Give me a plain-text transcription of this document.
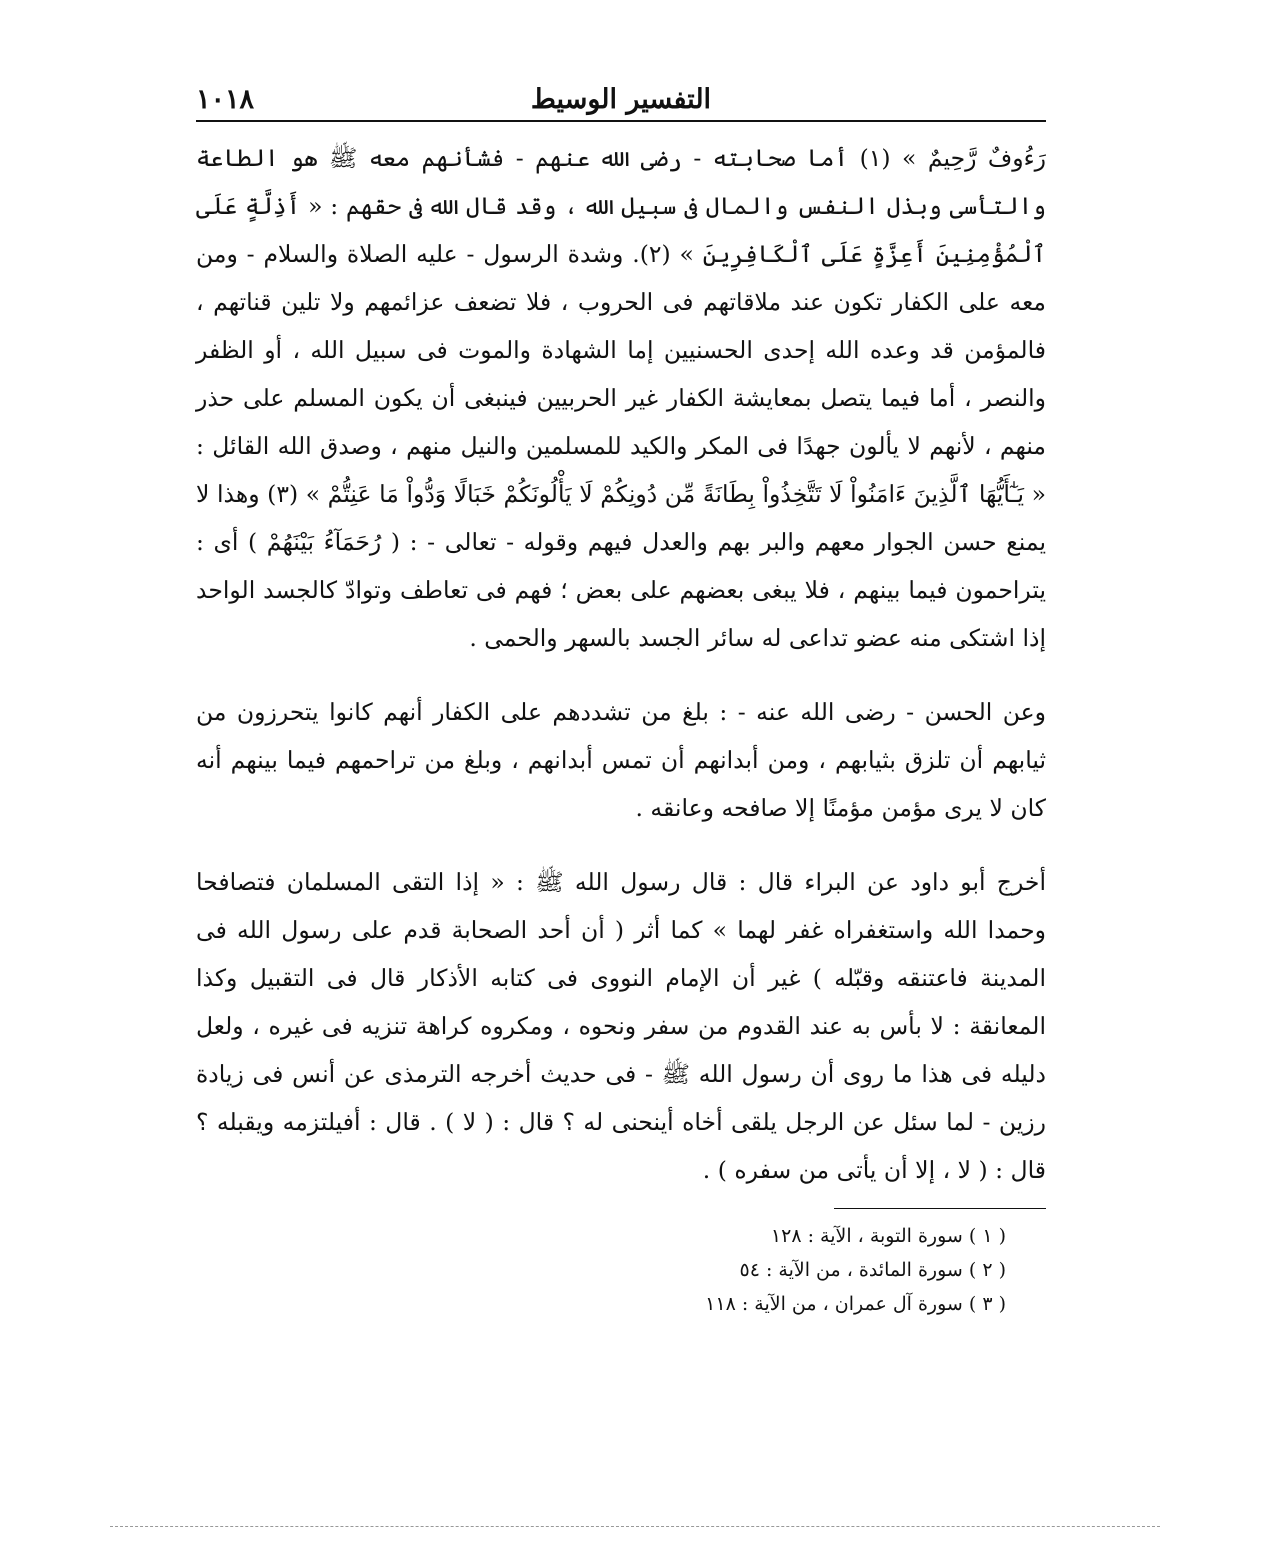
التفسير الوسيط
١٠١٨

رَءُوفٌ رَّحِيمٌ » (١) أما صحابته - رضى الله عنهم - فشأنهم معه ﷺ هو الطاعة والتأسى وبذل النفس والمال فى سبيل الله ، وقد قال الله فى حقهم : « أَذِلَّةٍ عَلَى ٱلْمُؤْمِنِينَ أَعِزَّةٍ عَلَى ٱلْكَافِرِينَ » (٢). وشدة الرسول - عليه الصلاة والسلام - ومن معه على الكفار تكون عند ملاقاتهم فى الحروب ، فلا تضعف عزائمهم ولا تلين قناتهم ، فالمؤمن قد وعده الله إحدى الحسنيين إما الشهادة والموت فى سبيل الله ، أو الظفر والنصر ، أما فيما يتصل بمعايشة الكفار غير الحربيين فينبغى أن يكون المسلم على حذر منهم ، لأنهم لا يألون جهدًا فى المكر والكيد للمسلمين والنيل منهم ، وصدق الله القائل : « يَـٰٓأَيُّهَا ٱلَّذِينَ ءَامَنُواْ لَا تَتَّخِذُواْ بِطَانَةً مِّن دُونِكُمْ لَا يَأْلُونَكُمْ خَبَالًا وَدُّواْ مَا عَنِتُّمْ » (٣) وهذا لا يمنع حسن الجوار معهم والبر بهم والعدل فيهم وقوله - تعالى - : ( رُحَمَآءُ بَيْنَهُمْ ) أى : يتراحمون فيما بينهم ، فلا يبغى بعضهم على بعض ؛ فهم فى تعاطف وتوادّ كالجسد الواحد إذا اشتكى منه عضو تداعى له سائر الجسد بالسهر والحمى .

وعن الحسن - رضى الله عنه - : بلغ من تشددهم على الكفار أنهم كانوا يتحرزون من ثيابهم أن تلزق بثيابهم ، ومن أبدانهم أن تمس أبدانهم ، وبلغ من تراحمهم فيما بينهم أنه كان لا يرى مؤمن مؤمنًا إلا صافحه وعانقه .

أخرج أبو داود عن البراء قال : قال رسول الله ﷺ : « إذا التقى المسلمان فتصافحا وحمدا الله واستغفراه غفر لهما » كما أثر ( أن أحد الصحابة قدم على رسول الله فى المدينة فاعتنقه وقبّله ) غير أن الإمام النووى فى كتابه الأذكار قال فى التقبيل وكذا المعانقة : لا بأس به عند القدوم من سفر ونحوه ، ومكروه كراهة تنزيه فى غيره ، ولعل دليله فى هذا ما روى أن رسول الله ﷺ - فى حديث أخرجه الترمذى عن أنس فى زيادة رزين - لما سئل عن الرجل يلقى أخاه أينحنى له ؟ قال : ( لا ) . قال : أفيلتزمه ويقبله ؟ قال : ( لا ، إلا أن يأتى من سفره ) .

( ١ ) سورة التوبة ، الآية : ١٢٨
( ٢ ) سورة المائدة ، من الآية : ٥٤
( ٣ ) سورة آل عمران ، من الآية : ١١٨
